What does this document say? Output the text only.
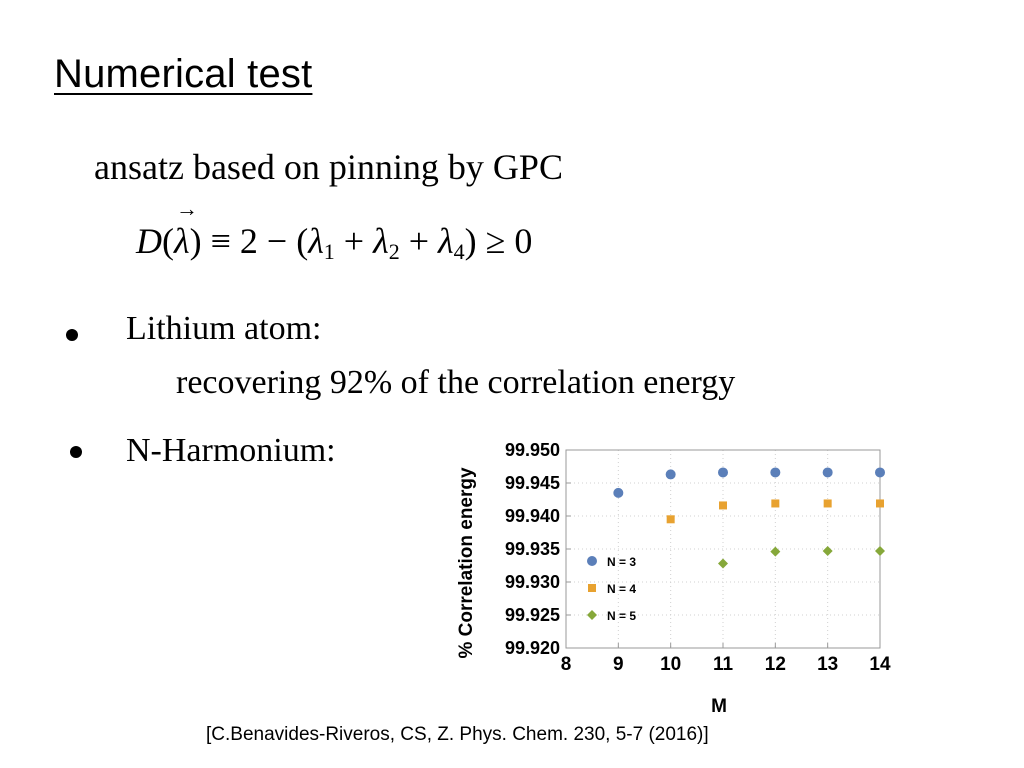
Numerical test
ansatz based on pinning by GPC
$D(\to \lambda) \equiv 2 - (\lambda_1 + \lambda_2 + \lambda_4) \ge 0$
Lithium atom:
recovering 92% of the correlation energy
N-Harmonium:
8 9 10 11 12 13 14
99.920
99.925
99.930
99.935
99.940
99.945
99.950
M
% Correlation energy	N = 3
N = 4
N = 5
[C.Benavides-Riveros, CS, Z. Phys. Chem. 230, 5-7 (2016)]
